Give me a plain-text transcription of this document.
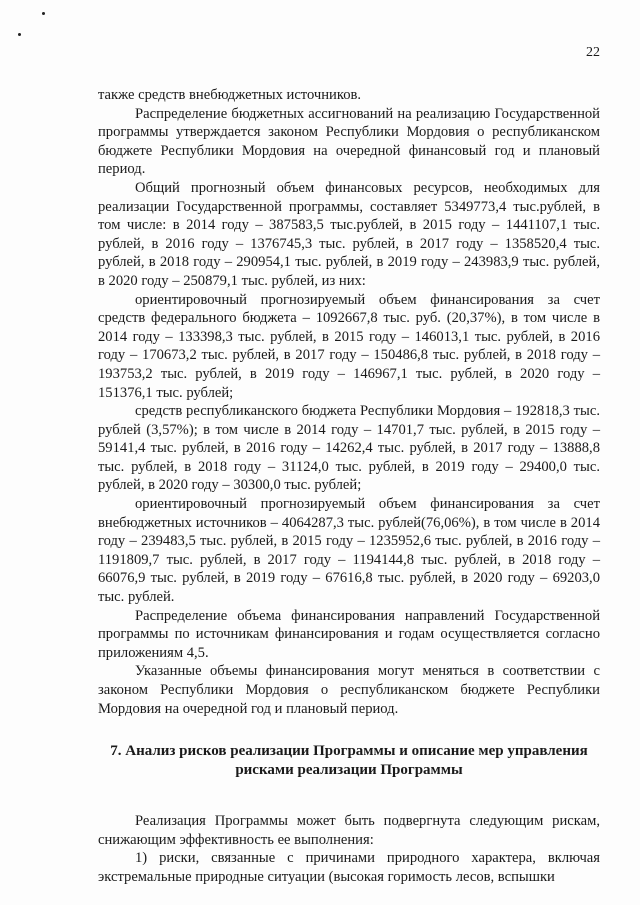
22

также средств внебюджетных источников.

Распределение бюджетных ассигнований на реализацию Государственной программы утверждается законом Республики Мордовия о республиканском бюджете Республики Мордовия на очередной финансовый год и плановый период.

Общий прогнозный объем финансовых ресурсов, необходимых для реализации Государственной программы, составляет 5349773,4 тыс.рублей, в том числе: в 2014 году – 387583,5 тыс.рублей, в 2015 году – 1441107,1 тыс. рублей, в 2016 году – 1376745,3 тыс. рублей, в 2017 году – 1358520,4 тыс. рублей, в 2018 году – 290954,1 тыс. рублей, в 2019 году – 243983,9 тыс. рублей, в 2020 году – 250879,1 тыс. рублей, из них:

ориентировочный прогнозируемый объем финансирования за счет средств федерального бюджета – 1092667,8 тыс. руб. (20,37%), в том числе в 2014 году – 133398,3 тыс. рублей, в 2015 году – 146013,1 тыс. рублей, в 2016 году – 170673,2 тыс. рублей, в 2017 году – 150486,8 тыс. рублей, в 2018 году – 193753,2 тыс. рублей, в 2019 году – 146967,1 тыс. рублей, в 2020 году – 151376,1 тыс. рублей;

средств республиканского бюджета Республики Мордовия – 192818,3 тыс. рублей (3,57%); в том числе в 2014 году – 14701,7 тыс. рублей, в 2015 году – 59141,4 тыс. рублей, в 2016 году – 14262,4 тыс. рублей, в 2017 году – 13888,8 тыс. рублей, в 2018 году – 31124,0 тыс. рублей, в 2019 году – 29400,0 тыс. рублей, в 2020 году – 30300,0 тыс. рублей;

ориентировочный прогнозируемый объем финансирования за счет внебюджетных источников – 4064287,3 тыс. рублей(76,06%), в том числе в 2014 году – 239483,5 тыс. рублей, в 2015 году – 1235952,6 тыс. рублей, в 2016 году – 1191809,7 тыс. рублей, в 2017 году – 1194144,8 тыс. рублей, в 2018 году – 66076,9 тыс. рублей, в 2019 году – 67616,8 тыс. рублей, в 2020 году – 69203,0 тыс. рублей.

Распределение объема финансирования направлений Государственной программы по источникам финансирования и годам осуществляется согласно приложениям 4,5.

Указанные объемы финансирования могут меняться в соответствии с законом Республики Мордовия о республиканском бюджете Республики Мордовия на очередной год и плановый период.

7. Анализ рисков реализации Программы и описание мер управления рисками реализации Программы

Реализация Программы может быть подвергнута следующим рискам, снижающим эффективность ее выполнения:

1) риски, связанные с причинами природного характера, включая экстремальные природные ситуации (высокая горимость лесов, вспышки
